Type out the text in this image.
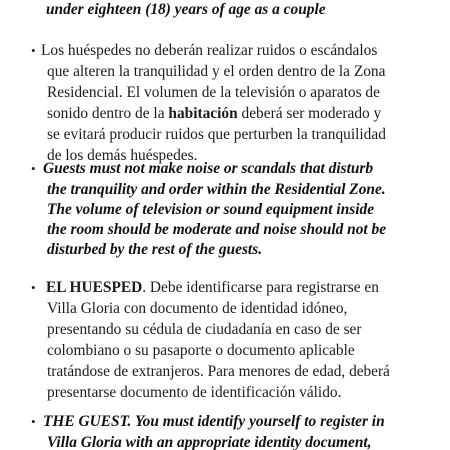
under eighteen (18) years of age as a couple
• Los huéspedes no deberán realizar ruidos o escándalos
que alteren la tranquilidad y el orden dentro de la Zona
Residencial. El volumen de la televisión o aparatos de
sonido dentro de la habitación deberá ser moderado y
se evitará producir ruidos que perturben la tranquilidad
de los demás huéspedes.
• Guests must not make noise or scandals that disturb
the tranquility and order within the Residential Zone.
The volume of television or sound equipment inside
the room should be moderate and noise should not be
disturbed by the rest of the guests.
• EL HUESPED. Debe identificarse para registrarse en
Villa Gloria con documento de identidad idóneo,
presentando su cédula de ciudadanía en caso de ser
colombiano o su pasaporte o documento aplicable
tratándose de extranjeros. Para menores de edad, deberá
presentarse documento de identificación válido.
• THE GUEST. You must identify yourself to register in
Villa Gloria with an appropriate identity document,
